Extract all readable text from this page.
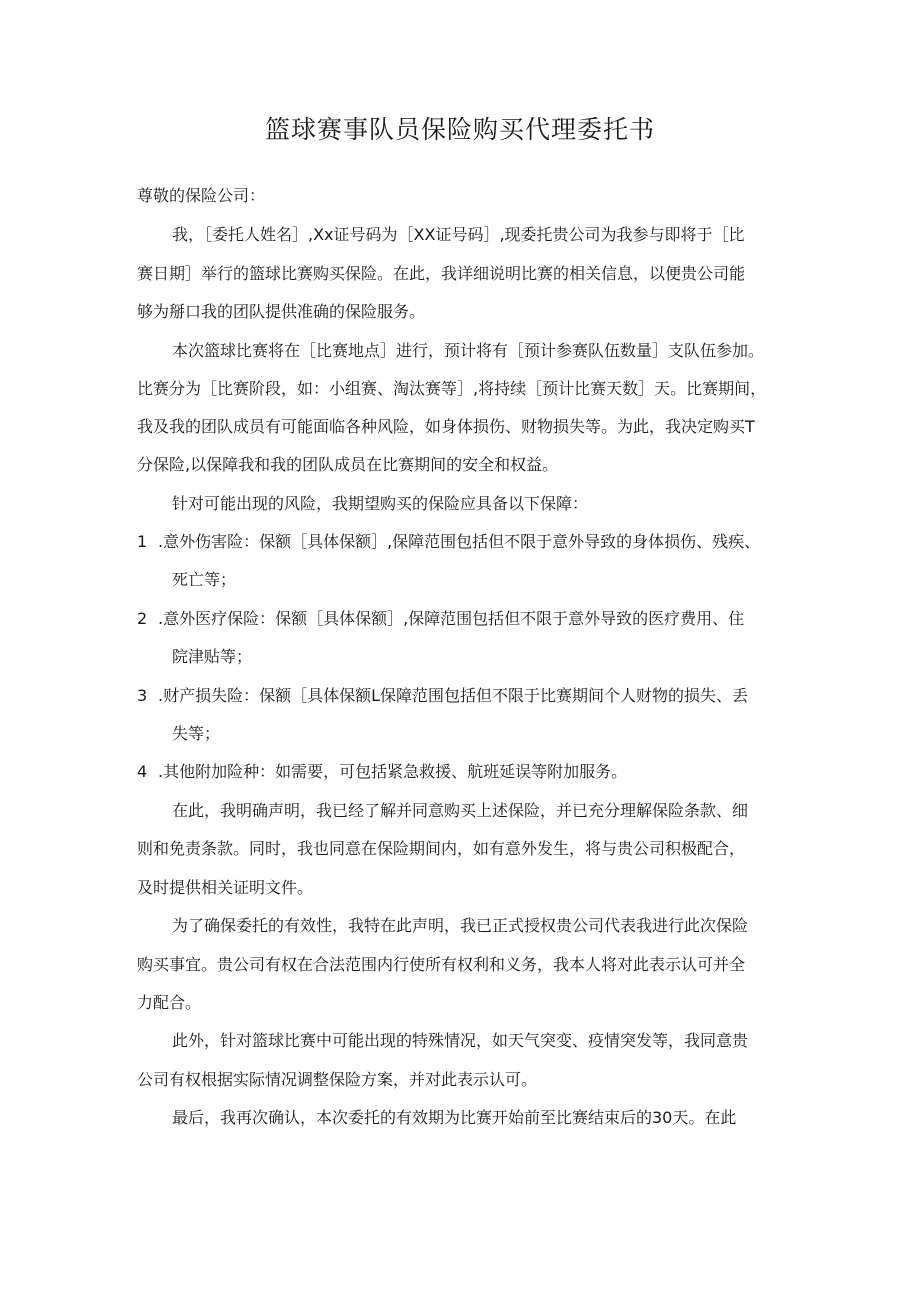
篮球赛事队员保险购买代理委托书

尊敬的保险公司：

我，［委托人姓名］,Xx证号码为［XX证号码］,现委托贵公司为我参与即将于［比

赛日期］举行的篮球比赛购买保险。在此，我详细说明比赛的相关信息，以便贵公司能

够为掰口我的团队提供准确的保险服务。

本次篮球比赛将在［比赛地点］进行，预计将有［预计参赛队伍数量］支队伍参加。

比赛分为［比赛阶段，如：小组赛、淘汰赛等］,将持续［预计比赛天数］天。比赛期间，

我及我的团队成员有可能面临各种风险，如身体损伤、财物损失等。为此，我决定购买T

分保险,以保障我和我的团队成员在比赛期间的安全和权益。

针对可能出现的风险，我期望购买的保险应具备以下保障：

1 .意外伤害险：保额［具体保额］,保障范围包括但不限于意外导致的身体损伤、残疾、

死亡等；

2 .意外医疗保险：保额［具体保额］,保障范围包括但不限于意外导致的医疗费用、住

院津贴等；

3 .财产损失险：保额［具体保额L保障范围包括但不限于比赛期间个人财物的损失、丢

失等；

4 .其他附加险种：如需要，可包括紧急救援、航班延误等附加服务。

在此，我明确声明，我已经了解并同意购买上述保险，并已充分理解保险条款、细

则和免责条款。同时，我也同意在保险期间内，如有意外发生，将与贵公司积极配合，

及时提供相关证明文件。

为了确保委托的有效性，我特在此声明，我已正式授权贵公司代表我进行此次保险

购买事宜。贵公司有权在合法范围内行使所有权利和义务，我本人将对此表示认可并全

力配合。

此外，针对篮球比赛中可能出现的特殊情况，如天气突变、疫情突发等，我同意贵

公司有权根据实际情况调整保险方案，并对此表示认可。

最后，我再次确认，本次委托的有效期为比赛开始前至比赛结束后的30天。在此
